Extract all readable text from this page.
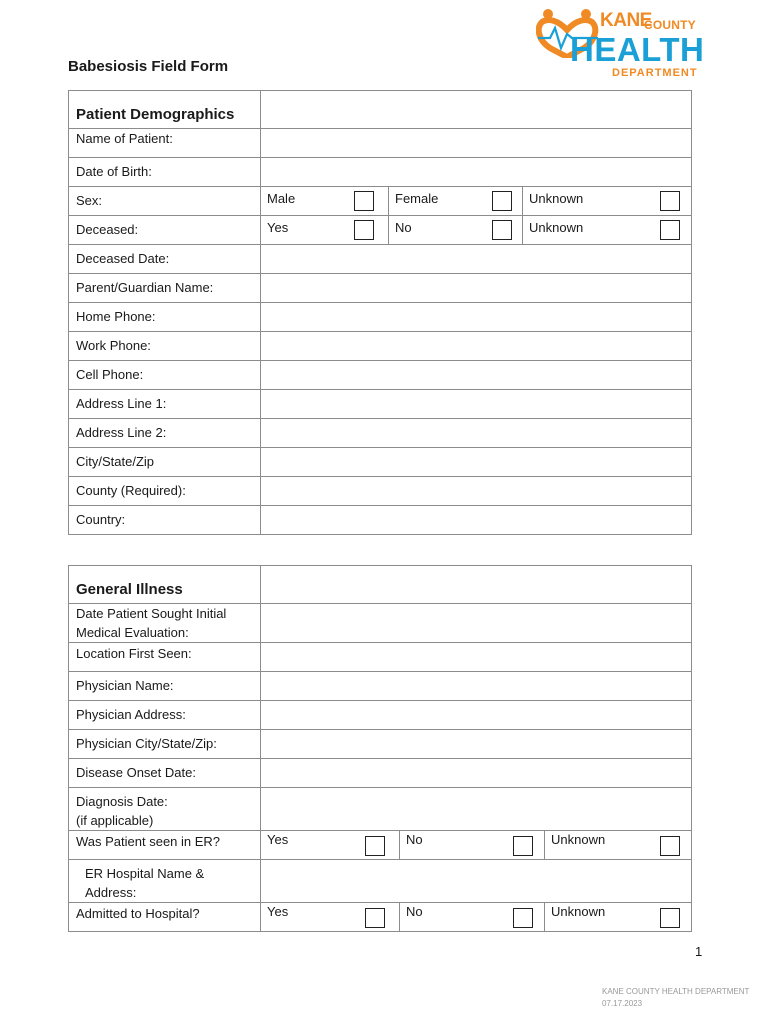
Babesiosis Field Form
KANE
COUNTY
HEALTH
DEPARTMENT
Patient Demographics			

Name of Patient:			
Date of Birth:			
Sex:	Male	Female	Unknown

Deceased:	Yes	No	Unknown

Deceased Date:			
Parent/Guardian Name:			
Home Phone:			
Work Phone:			
Cell Phone:			
Address Line 1:			
Address Line 2:			
City/State/Zip			
County (Required):			
Country:			
General Illness			

Date Patient Sought Initial
Medical Evaluation:			

Location First Seen:			
Physician Name:			
Physician Address:			
Physician City/State/Zip:			
Disease Onset Date:			

Diagnosis Date:
(if applicable)			

Was Patient seen in ER?	Yes	No	Unknown

ER Hospital Name &
Address:			

Admitted to Hospital?	Yes	No	Unknown
1
KANE COUNTY HEALTH DEPARTMENT
07.17.2023
